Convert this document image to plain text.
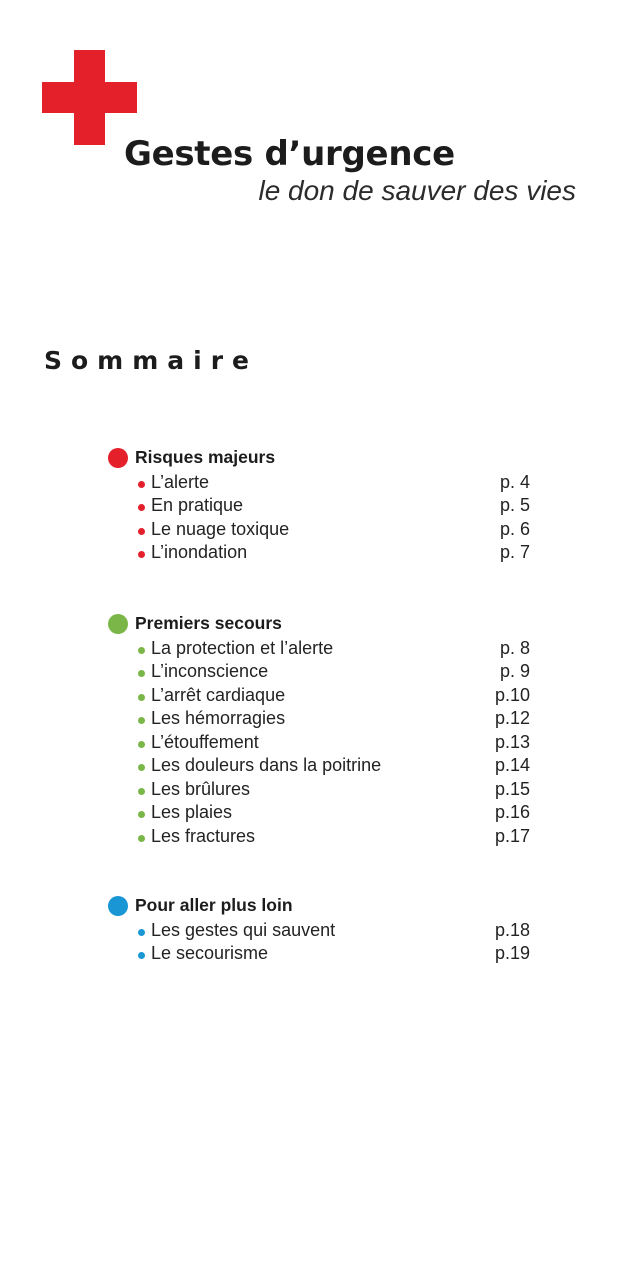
Gestes d’urgence

le don de sauver des vies

Sommaire
Risques majeurs
L’alerte	p. 4
En pratique	p. 5
Le nuage toxique	p. 6
L’inondation	p. 7
Premiers secours
La protection et l’alerte	p. 8
L’inconscience	p. 9
L’arrêt cardiaque	p.10
Les hémorragies	p.12
L’étouffement	p.13
Les douleurs dans la poitrine	p.14
Les brûlures	p.15
Les plaies	p.16
Les fractures	p.17
Pour aller plus loin
Les gestes qui sauvent	p.18
Le secourisme	p.19
